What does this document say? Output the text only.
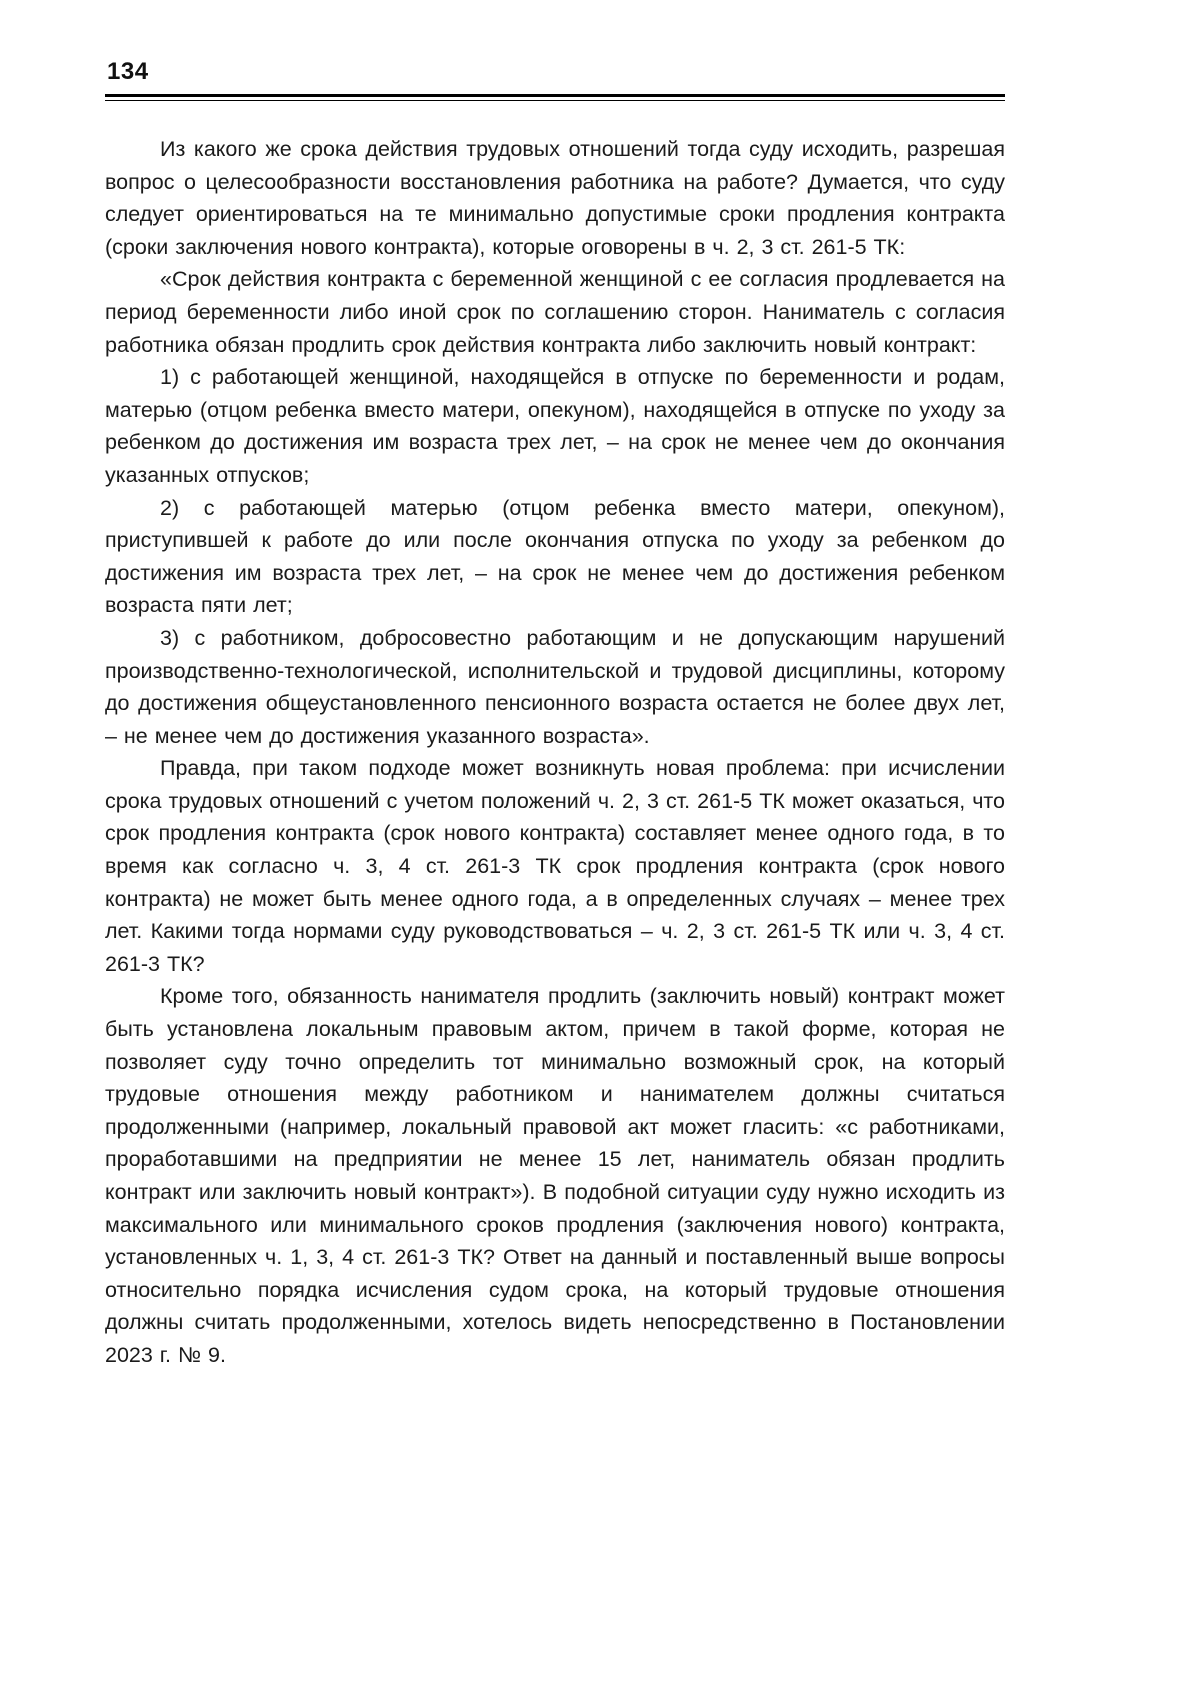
134

Из какого же срока действия трудовых отношений тогда суду исходить, разрешая вопрос о целесообразности восстановления работника на работе? Думается, что суду следует ориентироваться на те минимально допустимые сроки продления контракта (сроки заключения нового контракта), которые оговорены в ч. 2, 3 ст. 261-5 ТК:

«Срок действия контракта с беременной женщиной с ее согласия продлевается на период беременности либо иной срок по соглашению сторон. Наниматель с согласия работника обязан продлить срок действия контракта либо заключить новый контракт:

1) с работающей женщиной, находящейся в отпуске по беременности и родам, матерью (отцом ребенка вместо матери, опекуном), находящейся в отпуске по уходу за ребенком до достижения им возраста трех лет, – на срок не менее чем до окончания указанных отпусков;

2) с работающей матерью (отцом ребенка вместо матери, опекуном), приступившей к работе до или после окончания отпуска по уходу за ребенком до достижения им возраста трех лет, – на срок не менее чем до достижения ребенком возраста пяти лет;

3) с работником, добросовестно работающим и не допускающим нарушений производственно-технологической, исполнительской и трудовой дисциплины, которому до достижения общеустановленного пенсионного возраста остается не более двух лет, – не менее чем до достижения указанного возраста».

Правда, при таком подходе может возникнуть новая проблема: при исчислении срока трудовых отношений с учетом положений ч. 2, 3 ст. 261-5 ТК может оказаться, что срок продления контракта (срок нового контракта) составляет менее одного года, в то время как согласно ч. 3, 4 ст. 261-3 ТК срок продления контракта (срок нового контракта) не может быть менее одного года, а в определенных случаях – менее трех лет. Какими тогда нормами суду руководствоваться – ч. 2, 3 ст. 261-5 ТК или ч. 3, 4 ст. 261-3 ТК?

Кроме того, обязанность нанимателя продлить (заключить новый) контракт может быть установлена локальным правовым актом, причем в такой форме, которая не позволяет суду точно определить тот минимально возможный срок, на который трудовые отношения между работником и нанимателем должны считаться продолженными (например, локальный правовой акт может гласить: «с работниками, проработавшими на предприятии не менее 15 лет, наниматель обязан продлить контракт или заключить новый контракт»). В подобной ситуации суду нужно исходить из максимального или минимального сроков продления (заключения нового) контракта, установленных ч. 1, 3, 4 ст. 261-3 ТК? Ответ на данный и поставленный выше вопросы относительно порядка исчисления судом срока, на который трудовые отношения должны считать продолженными, хотелось видеть непосредственно в Постановлении 2023 г. № 9.
